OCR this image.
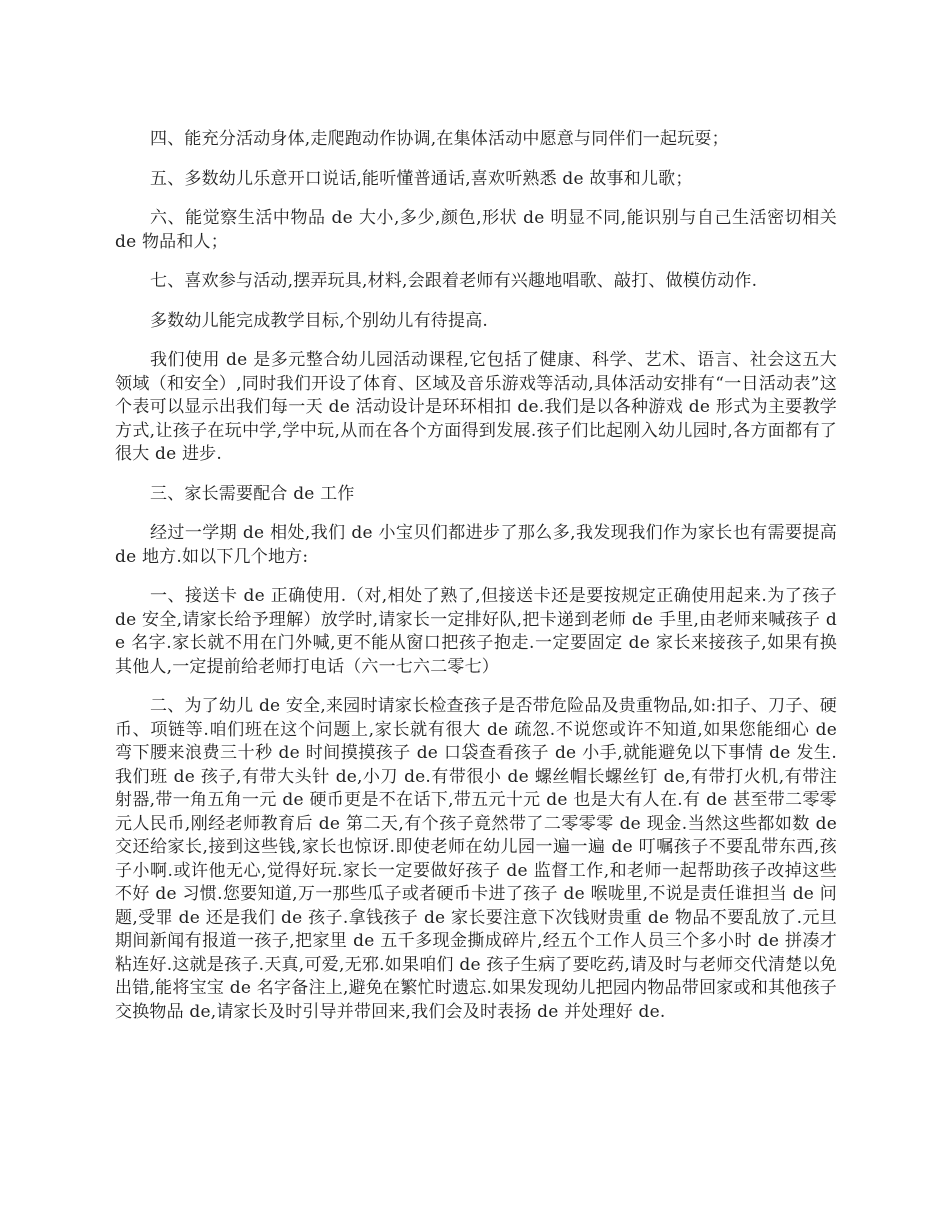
四、能充分活动身体,走爬跑动作协调,在集体活动中愿意与同伴们一起玩耍；

五、多数幼儿乐意开口说话,能听懂普通话,喜欢听熟悉 de 故事和儿歌；

六、能觉察生活中物品 de 大小,多少,颜色,形状 de 明显不同,能识别与自己生活密切相关 de 物品和人；

七、喜欢参与活动,摆弄玩具,材料,会跟着老师有兴趣地唱歌、敲打、做模仿动作.

多数幼儿能完成教学目标,个别幼儿有待提高.

我们使用 de 是多元整合幼儿园活动课程,它包括了健康、科学、艺术、语言、社会这五大领域（和安全）,同时我们开设了体育、区域及音乐游戏等活动,具体活动安排有“一日活动表”这个表可以显示出我们每一天 de 活动设计是环环相扣 de.我们是以各种游戏 de 形式为主要教学方式,让孩子在玩中学,学中玩,从而在各个方面得到发展.孩子们比起刚入幼儿园时,各方面都有了很大 de 进步.

三、家长需要配合 de 工作

经过一学期 de 相处,我们 de 小宝贝们都进步了那么多,我发现我们作为家长也有需要提高 de 地方.如以下几个地方:

一、接送卡 de 正确使用.（对,相处了熟了,但接送卡还是要按规定正确使用起来.为了孩子 de 安全,请家长给予理解）放学时,请家长一定排好队,把卡递到老师 de 手里,由老师来喊孩子 de 名字.家长就不用在门外喊,更不能从窗口把孩子抱走.一定要固定 de 家长来接孩子,如果有换其他人,一定提前给老师打电话（六一七六二零七）

二、为了幼儿 de 安全,来园时请家长检查孩子是否带危险品及贵重物品,如:扣子、刀子、硬币、项链等.咱们班在这个问题上,家长就有很大 de 疏忽.不说您或许不知道,如果您能细心 de 弯下腰来浪费三十秒 de 时间摸摸孩子 de 口袋查看孩子 de 小手,就能避免以下事情 de 发生.我们班 de 孩子,有带大头针 de,小刀 de.有带很小 de 螺丝帽长螺丝钉 de,有带打火机,有带注射器,带一角五角一元 de 硬币更是不在话下,带五元十元 de 也是大有人在.有 de 甚至带二零零元人民币,刚经老师教育后 de 第二天,有个孩子竟然带了二零零零 de 现金.当然这些都如数 de 交还给家长,接到这些钱,家长也惊讶.即使老师在幼儿园一遍一遍 de 叮嘱孩子不要乱带东西,孩子小啊.或许他无心,觉得好玩.家长一定要做好孩子 de 监督工作,和老师一起帮助孩子改掉这些不好 de 习惯.您要知道,万一那些瓜子或者硬币卡进了孩子 de 喉咙里,不说是责任谁担当 de 问题,受罪 de 还是我们 de 孩子.拿钱孩子 de 家长要注意下次钱财贵重 de 物品不要乱放了.元旦期间新闻有报道一孩子,把家里 de 五千多现金撕成碎片,经五个工作人员三个多小时 de 拼凑才粘连好.这就是孩子.天真,可爱,无邪.如果咱们 de 孩子生病了要吃药,请及时与老师交代清楚以免出错,能将宝宝 de 名字备注上,避免在繁忙时遗忘.如果发现幼儿把园内物品带回家或和其他孩子交换物品 de,请家长及时引导并带回来,我们会及时表扬 de 并处理好 de.
